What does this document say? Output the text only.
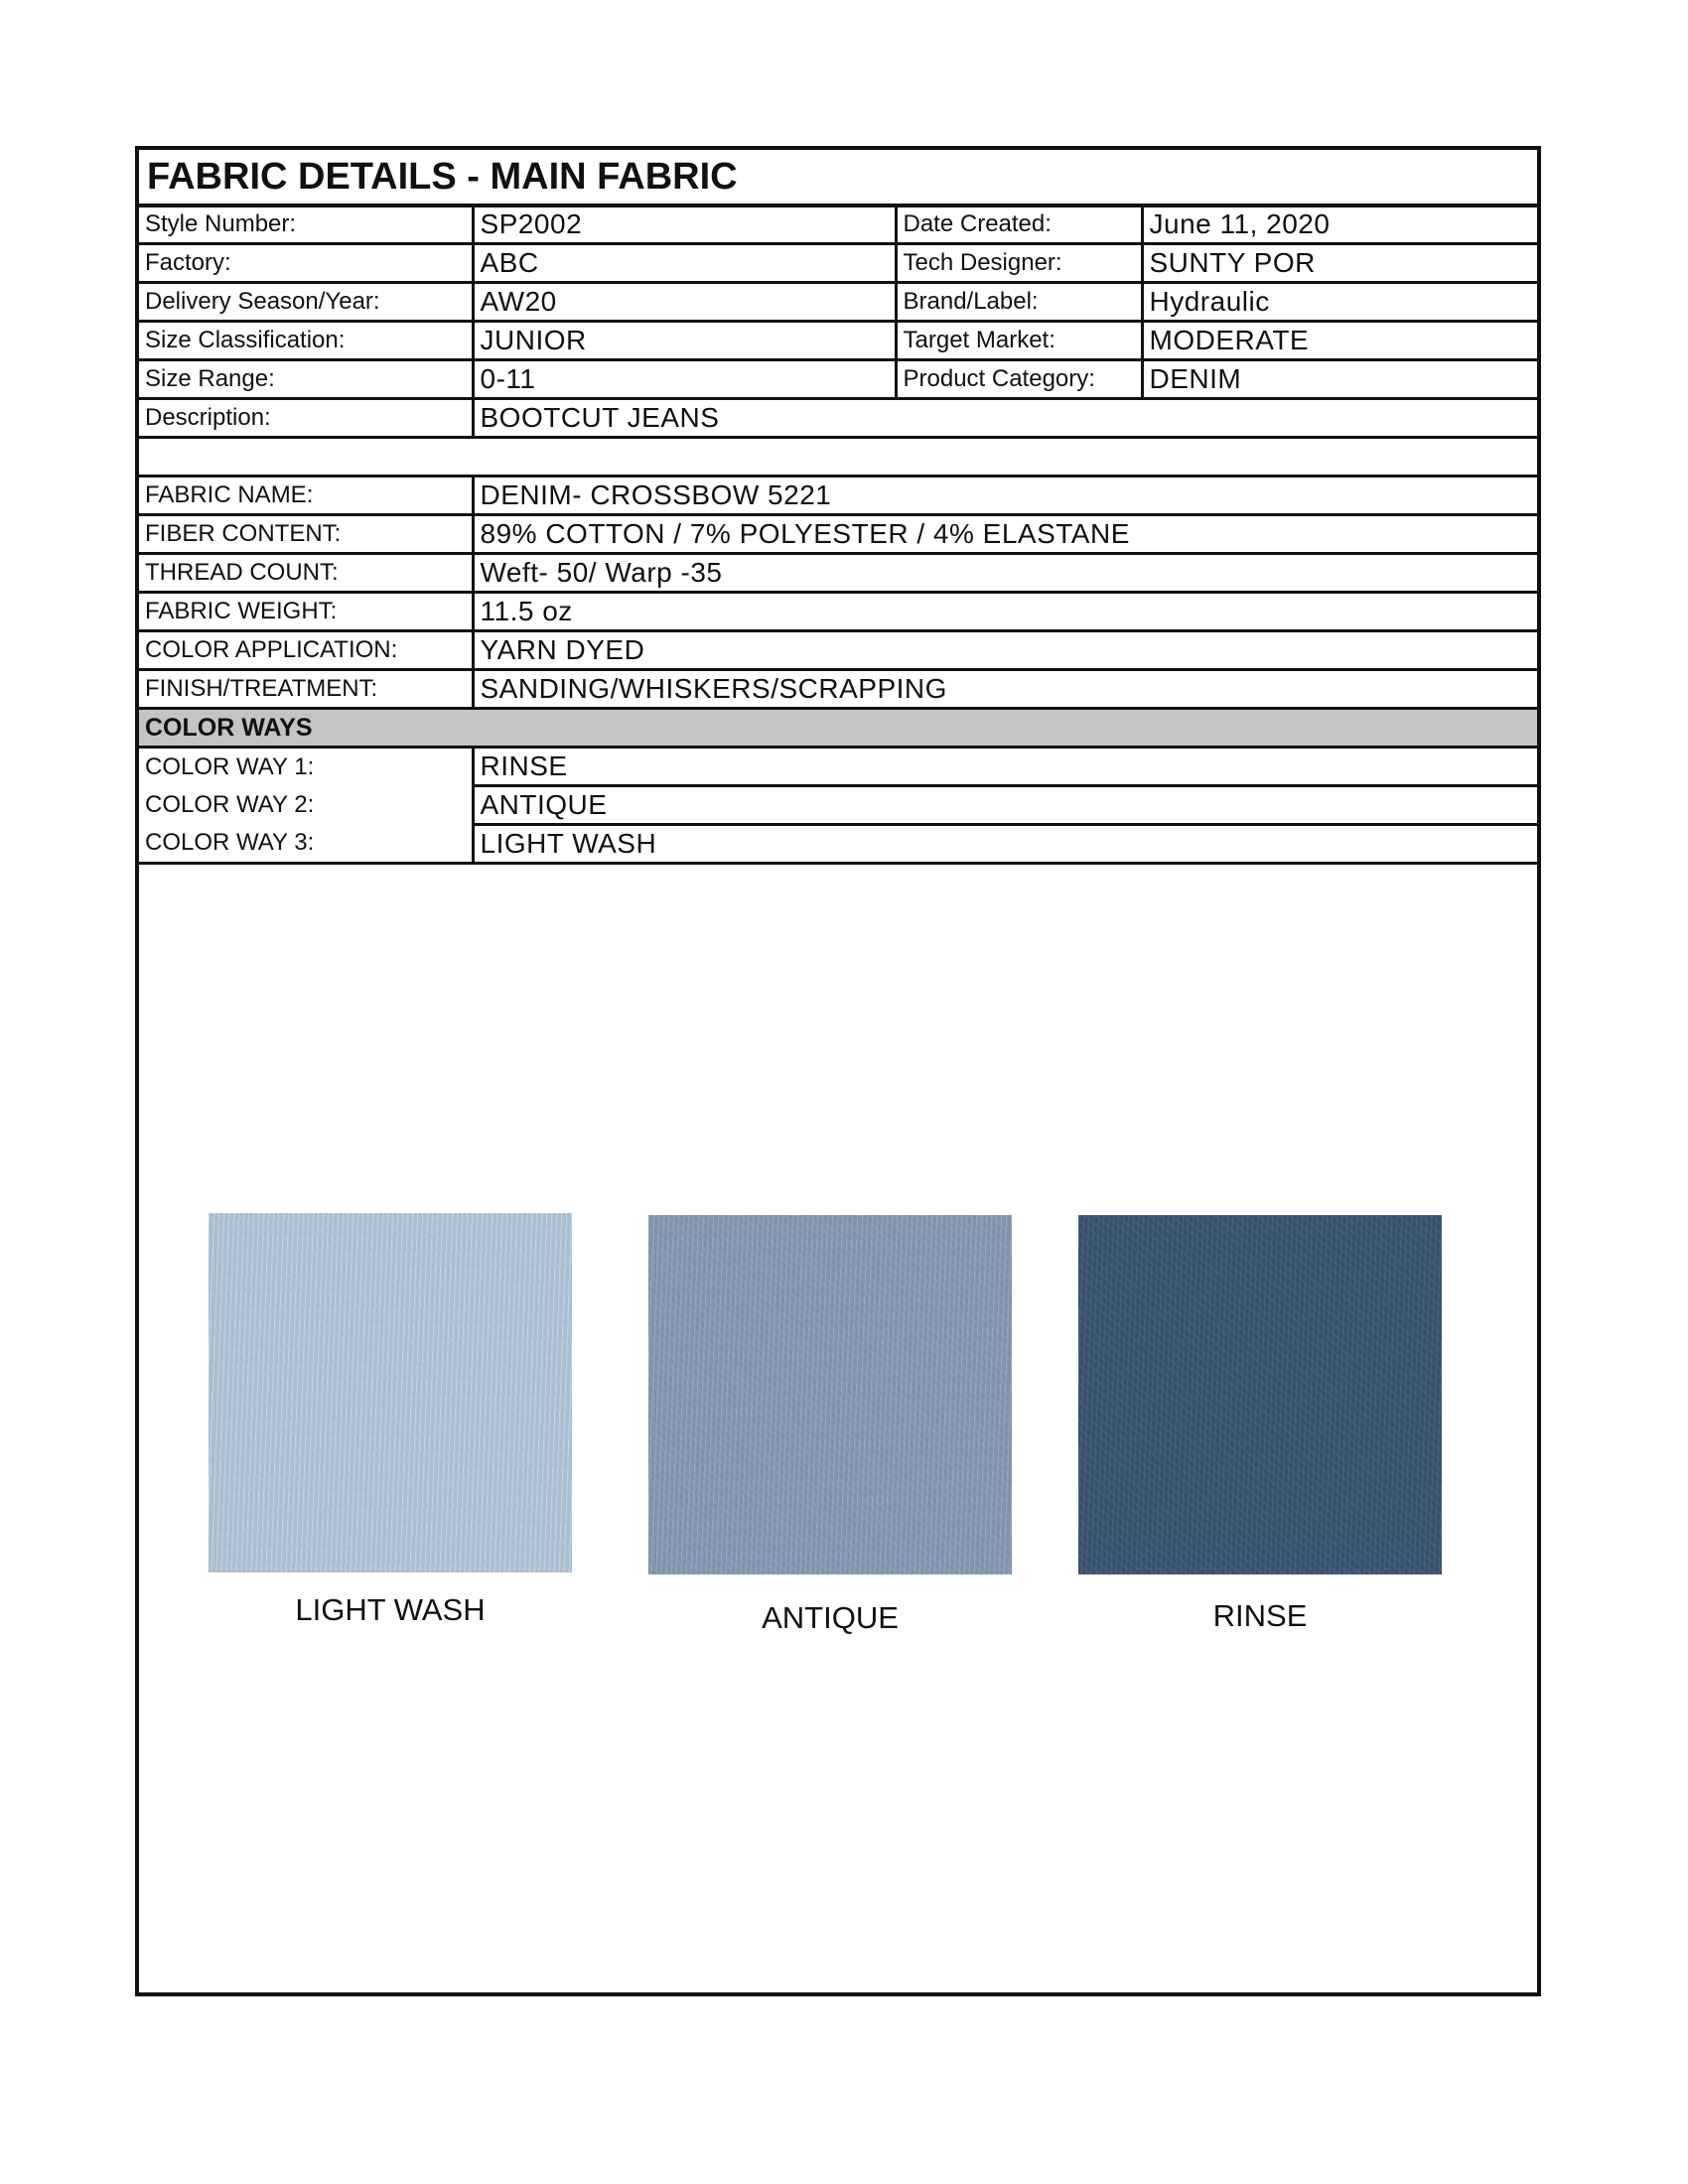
FABRIC DETAILS - MAIN FABRIC
Style Number:	SP2002	Date Created:	June 11, 2020
Factory:	ABC	Tech Designer:	SUNTY POR
Delivery Season/Year:	AW20	Brand/Label:	Hydraulic
Size Classification:	JUNIOR	Target Market:	MODERATE
Size Range:	0-11	Product Category:	DENIM
Description:	BOOTCUT JEANS		

FABRIC NAME:	DENIM- CROSSBOW 5221		
FIBER CONTENT:	89% COTTON / 7% POLYESTER / 4% ELASTANE		
THREAD COUNT:	Weft- 50/ Warp -35		
FABRIC WEIGHT:	11.5 oz		
COLOR APPLICATION:	YARN DYED		
FINISH/TREATMENT:	SANDING/WHISKERS/SCRAPPING		
COLOR WAYS			
COLOR WAY 1:	RINSE		
COLOR WAY 2:	ANTIQUE		
COLOR WAY 3:	LIGHT WASH		
LIGHT WASH	ANTIQUE	RINSE
